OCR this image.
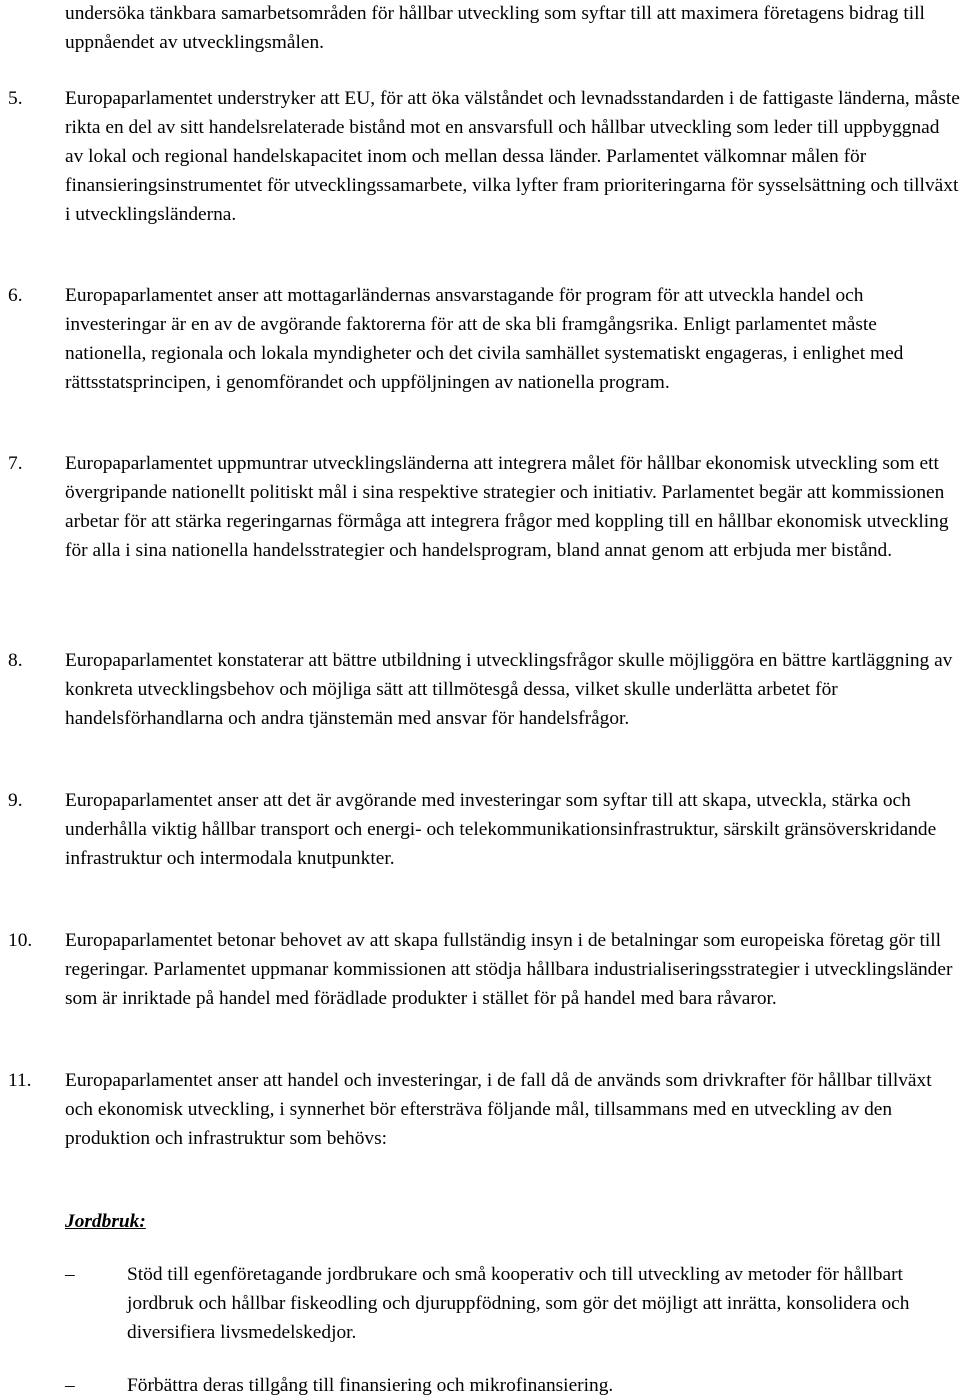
undersöka tänkbara samarbetsområden för hållbar utveckling som syftar till att maximera företagens bidrag till uppnåendet av utvecklingsmålen.

5. Europaparlamentet understryker att EU, för att öka välståndet och levnadsstandarden i de fattigaste länderna, måste rikta en del av sitt handelsrelaterade bistånd mot en ansvarsfull och hållbar utveckling som leder till uppbyggnad av lokal och regional handelskapacitet inom och mellan dessa länder. Parlamentet välkomnar målen för finansieringsinstrumentet för utvecklingssamarbete, vilka lyfter fram prioriteringarna för sysselsättning och tillväxt i utvecklingsländerna.

6. Europaparlamentet anser att mottagarländernas ansvarstagande för program för att utveckla handel och investeringar är en av de avgörande faktorerna för att de ska bli framgångsrika. Enligt parlamentet måste nationella, regionala och lokala myndigheter och det civila samhället systematiskt engageras, i enlighet med rättsstatsprincipen, i genomförandet och uppföljningen av nationella program.

7. Europaparlamentet uppmuntrar utvecklingsländerna att integrera målet för hållbar ekonomisk utveckling som ett övergripande nationellt politiskt mål i sina respektive strategier och initiativ. Parlamentet begär att kommissionen arbetar för att stärka regeringarnas förmåga att integrera frågor med koppling till en hållbar ekonomisk utveckling för alla i sina nationella handelsstrategier och handelsprogram, bland annat genom att erbjuda mer bistånd.

8. Europaparlamentet konstaterar att bättre utbildning i utvecklingsfrågor skulle möjliggöra en bättre kartläggning av konkreta utvecklingsbehov och möjliga sätt att tillmötesgå dessa, vilket skulle underlätta arbetet för handelsförhandlarna och andra tjänstemän med ansvar för handelsfrågor.

9. Europaparlamentet anser att det är avgörande med investeringar som syftar till att skapa, utveckla, stärka och underhålla viktig hållbar transport och energi- och telekommunikationsinfrastruktur, särskilt gränsöverskridande infrastruktur och intermodala knutpunkter.

10. Europaparlamentet betonar behovet av att skapa fullständig insyn i de betalningar som europeiska företag gör till regeringar. Parlamentet uppmanar kommissionen att stödja hållbara industrialiseringsstrategier i utvecklingsländer som är inriktade på handel med förädlade produkter i stället för på handel med bara råvaror.

11. Europaparlamentet anser att handel och investeringar, i de fall då de används som drivkrafter för hållbar tillväxt och ekonomisk utveckling, i synnerhet bör eftersträva följande mål, tillsammans med en utveckling av den produktion och infrastruktur som behövs:

Jordbruk:
–	Stöd till egenföretagande jordbrukare och små kooperativ och till utveckling av metoder för hållbart jordbruk och hållbar fiskeodling och djuruppfödning, som gör det möjligt att inrätta, konsolidera och diversifiera livsmedelskedjor.

–	Förbättra deras tillgång till finansiering och mikrofinansiering.
